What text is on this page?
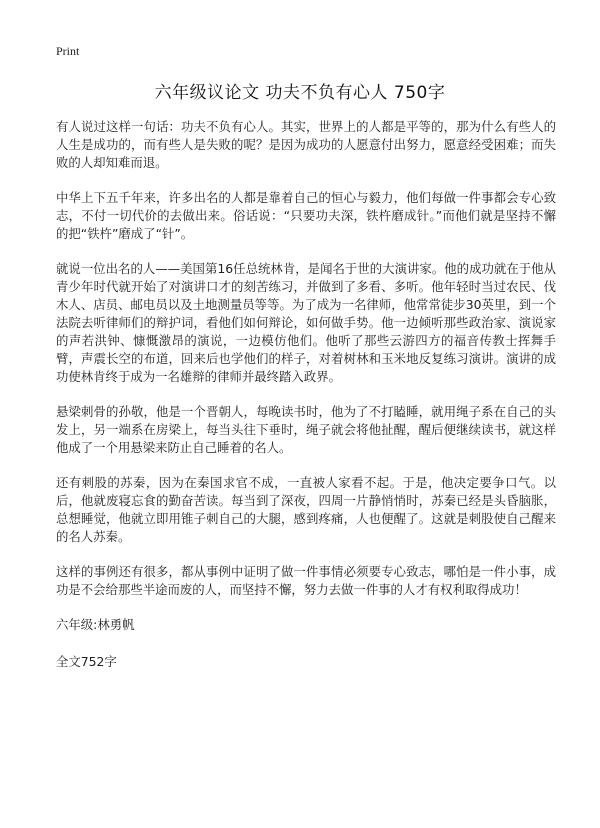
Print
六年级议论文 功夫不负有心人 750字

有人说过这样一句话：功夫不负有心人。其实，世界上的人都是平等的，那为什么有些人的人生是成功的，而有些人是失败的呢？是因为成功的人愿意付出努力，愿意经受困难；而失败的人却知难而退。

中华上下五千年来，许多出名的人都是靠着自己的恒心与毅力，他们每做一件事都会专心致志，不付一切代价的去做出来。俗话说：“只要功夫深，铁杵磨成针。”而他们就是坚持不懈的把“铁杵”磨成了“针”。

就说一位出名的人——美国第16任总统林肯，是闻名于世的大演讲家。他的成功就在于他从青少年时代就开始了对演讲口才的刻苦练习，并做到了多看、多听。他年轻时当过农民、伐木人、店员、邮电员以及土地测量员等等。为了成为一名律师，他常常徒步30英里，到一个法院去听律师们的辩护词，看他们如何辩论，如何做手势。他一边倾听那些政治家、演说家的声若洪钟、慷慨激昂的演说，一边模仿他们。他听了那些云游四方的福音传教士挥舞手臂，声震长空的布道，回来后也学他们的样子，对着树林和玉米地反复练习演讲。演讲的成功使林肯终于成为一名雄辩的律师并最终踏入政界。

悬梁刺骨的孙敬，他是一个晋朝人，每晚读书时，他为了不打瞌睡，就用绳子系在自己的头发上，另一端系在房梁上，每当头往下垂时，绳子就会将他扯醒，醒后便继续读书，就这样他成了一个用悬梁来防止自己睡着的名人。

还有刺股的苏秦，因为在秦国求官不成，一直被人家看不起。于是，他决定要争口气。以后，他就废寝忘食的勤奋苦读。每当到了深夜，四周一片静悄悄时，苏秦已经是头昏脑胀，总想睡觉，他就立即用锥子刺自己的大腿，感到疼痛，人也便醒了。这就是刺股使自己醒来的名人苏秦。

这样的事例还有很多，都从事例中证明了做一件事情必须要专心致志，哪怕是一件小事，成功是不会给那些半途而废的人，而坚持不懈，努力去做一件事的人才有权利取得成功！

六年级:林勇帆

全文752字
